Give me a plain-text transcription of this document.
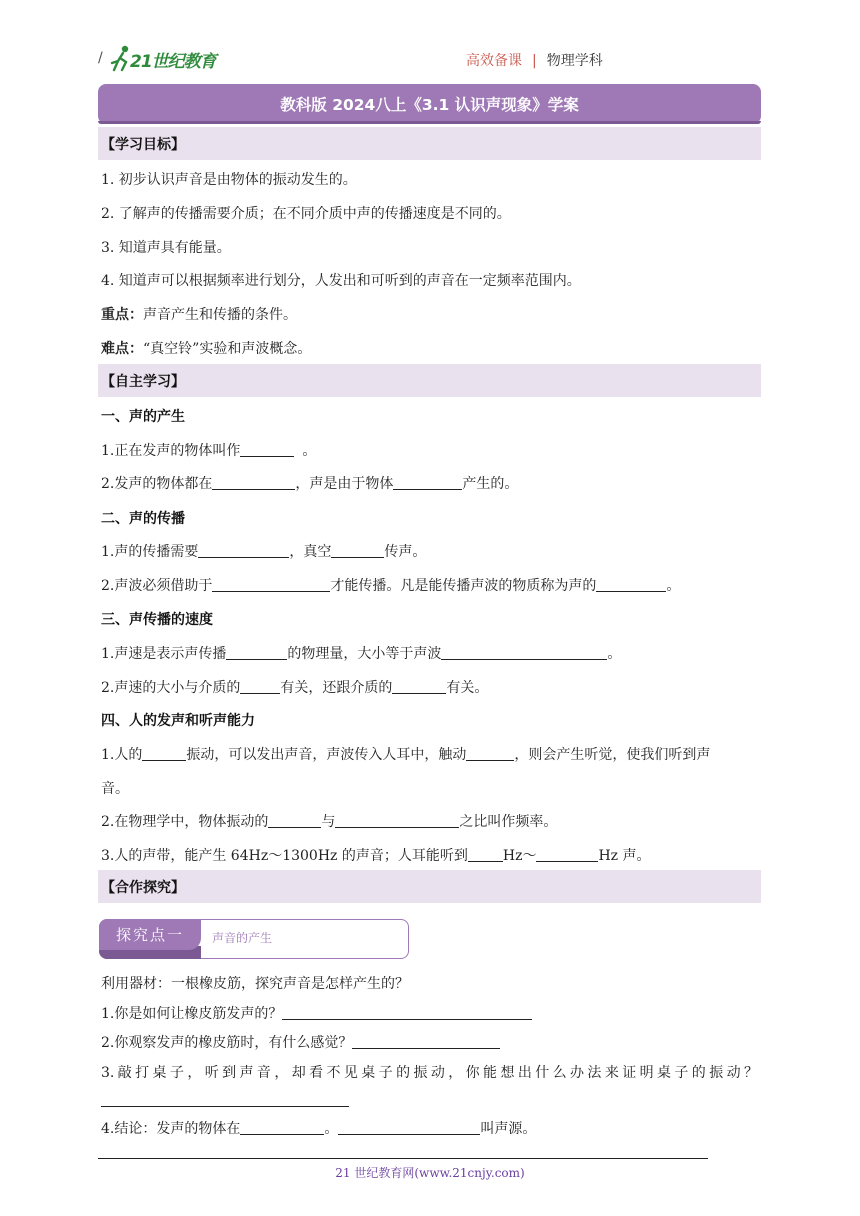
/ 21世纪教育	高效备课 | 物理学科
教科版 2024八上《3.1 认识声现象》学案
【学习目标】
1. 初步认识声音是由物体的振动发生的。
2. 了解声的传播需要介质；在不同介质中声的传播速度是不同的。
3. 知道声具有能量。
4. 知道声可以根据频率进行划分，人发出和可听到的声音在一定频率范围内。
重点：声音产生和传播的条件。
难点：“真空铃”实验和声波概念。
【自主学习】
一、声的产生
1.正在发声的物体叫作	。
2.发声的物体都在	，声是由于物体	产生的。
二、声的传播
1.声的传播需要	，真空	传声。
2.声波必须借助于	才能传播。凡是能传播声波的物质称为声的	。
三、声传播的速度
1.声速是表示声传播	的物理量，大小等于声波	。
2.声速的大小与介质的	有关，还跟介质的	有关。
四、人的发声和听声能力
1.人的	振动，可以发出声音，声波传入人耳中，触动	，则会产生听觉，使我们听到声
音。
2.在物理学中，物体振动的	与	之比叫作频率。
3.人的声带，能产生 64Hz～1300Hz 的声音；人耳能听到	Hz～	Hz 声。
【合作探究】
探究点一	声音的产生
利用器材：一根橡皮筋，探究声音是怎样产生的？
1.你是如何让橡皮筋发声的？
2.你观察发声的橡皮筋时，有什么感觉？
3.敲打桌子，听到声音，却看不见桌子的振动，你能想出什么办法来证明桌子的振动？
4.结论：发声的物体在	。	叫声源。
21 世纪教育网(www.21cnjy.com)
